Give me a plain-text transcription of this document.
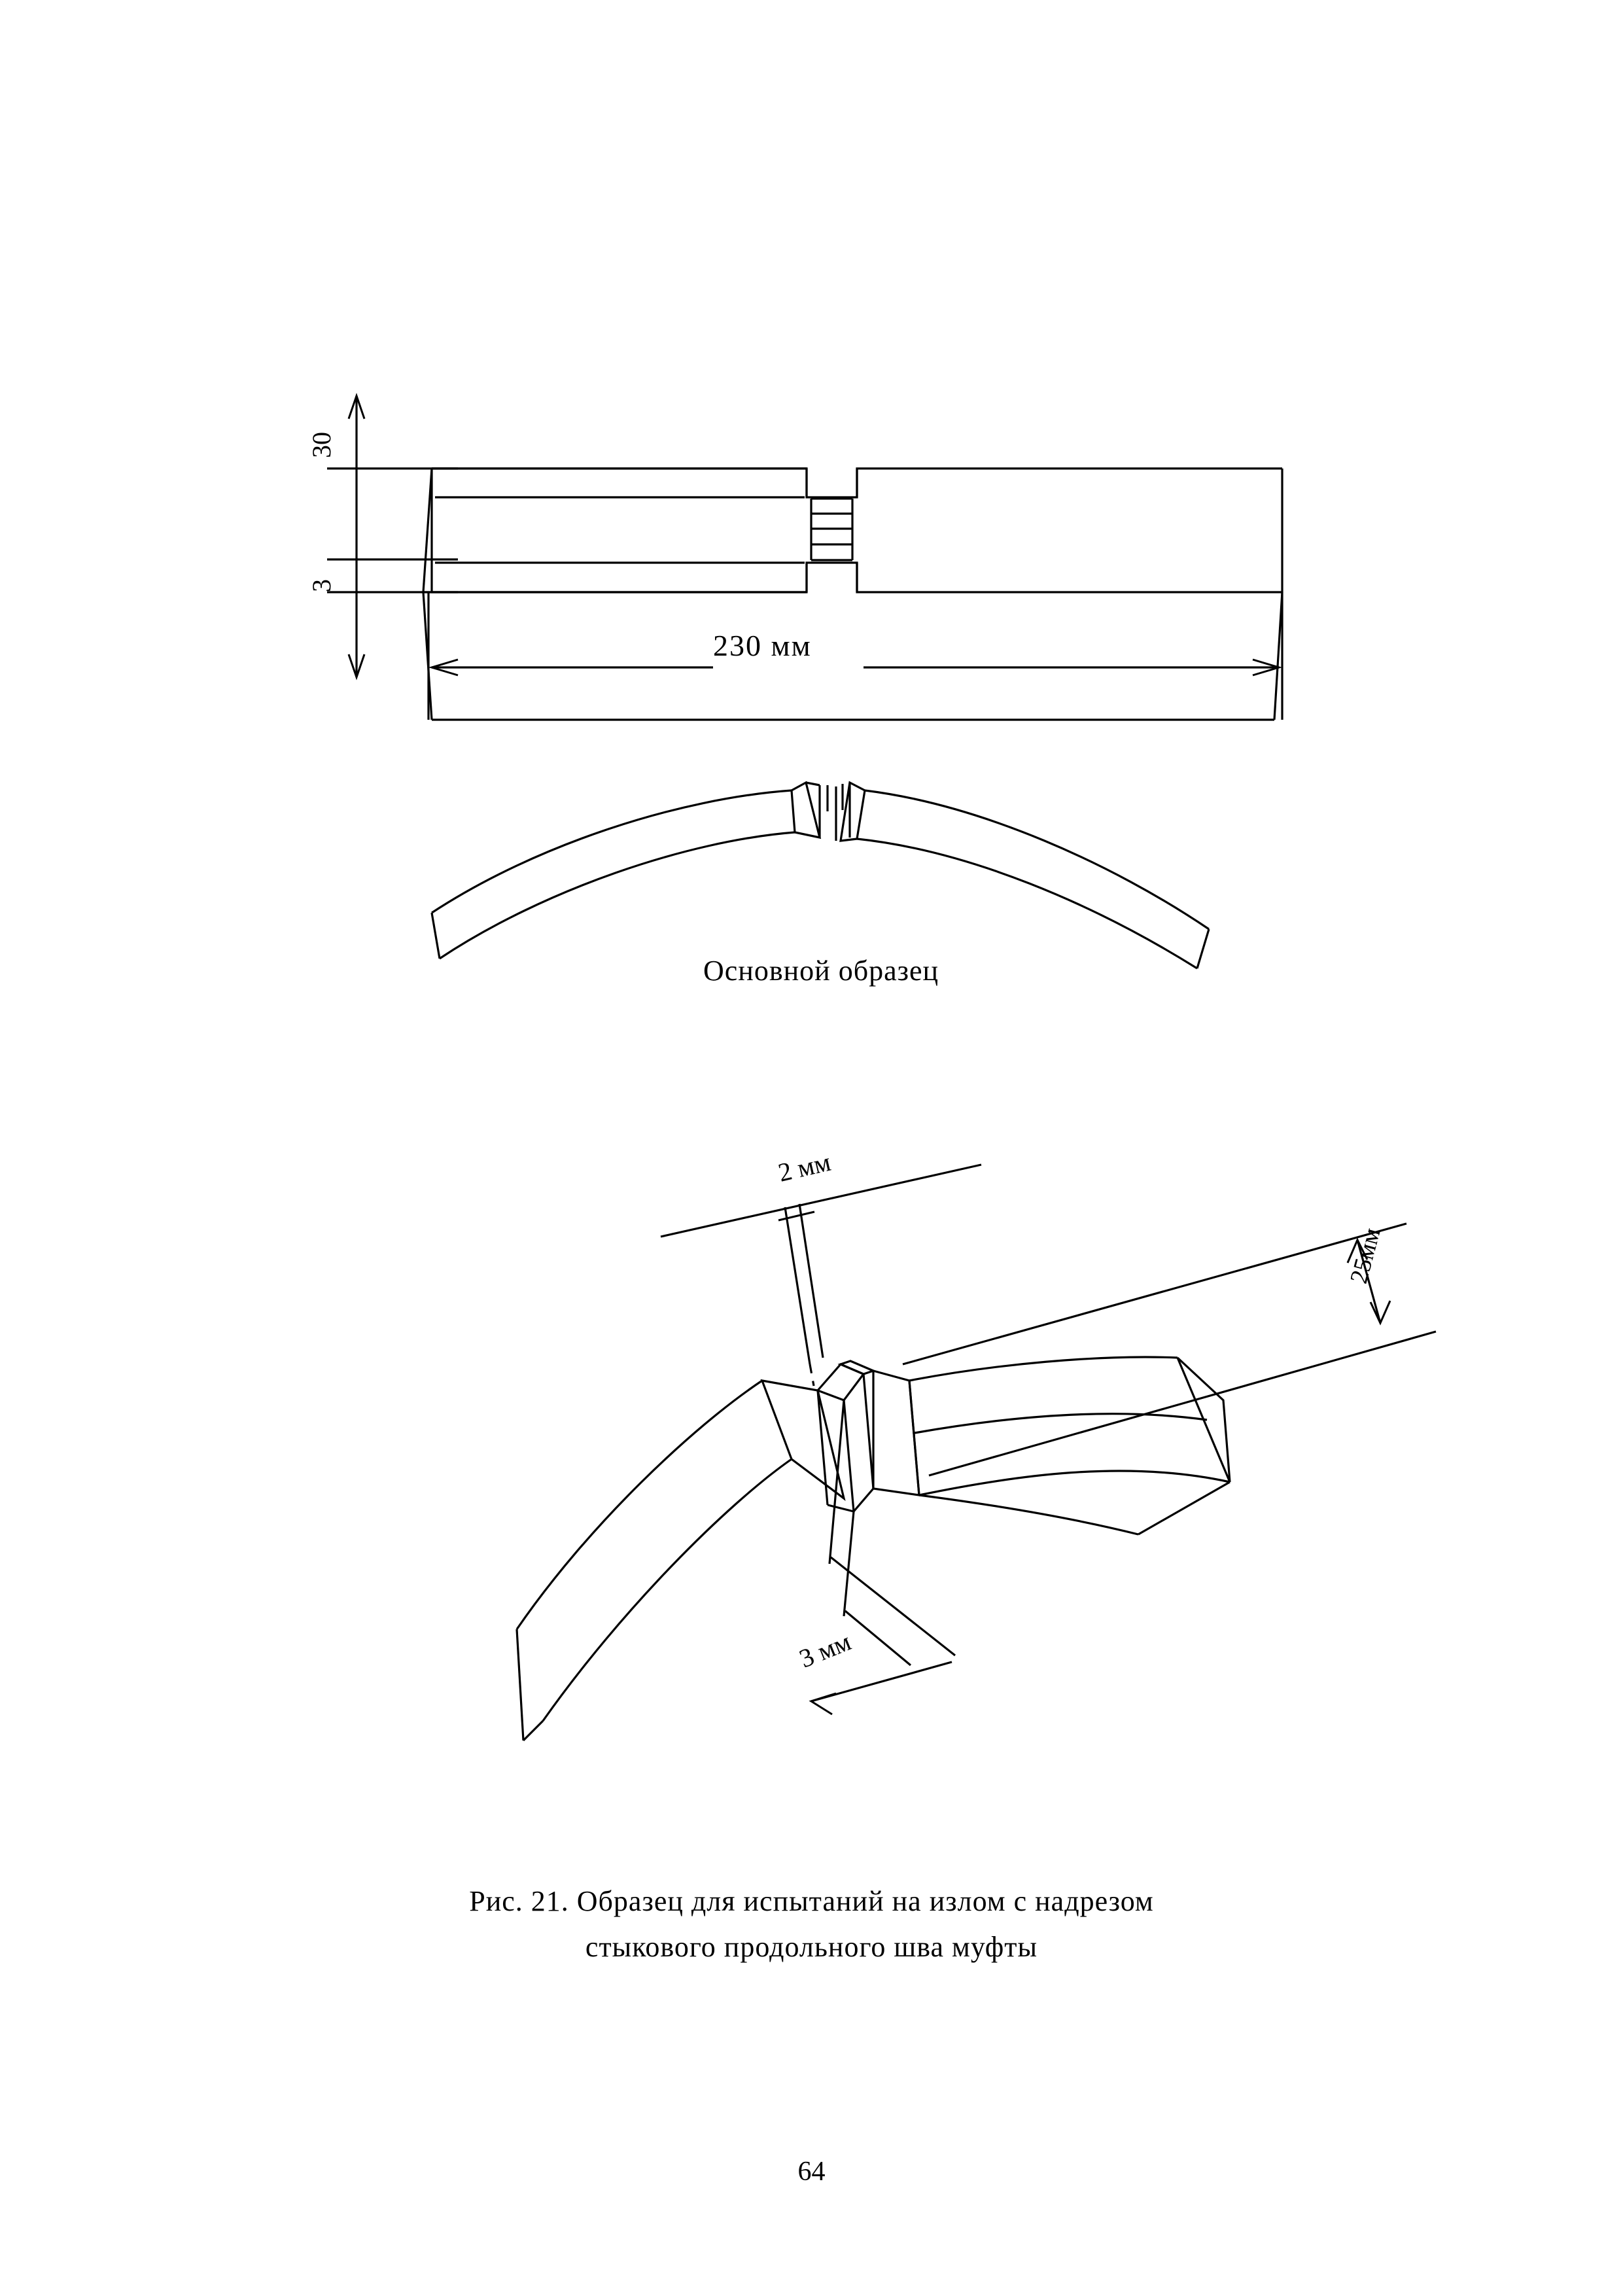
30
3
230 мм
Основной образец
2 мм
3 мм
25мм
Рис. 21. Образец для испытаний на излом с надрезом
стыкового продольного шва муфты
64
